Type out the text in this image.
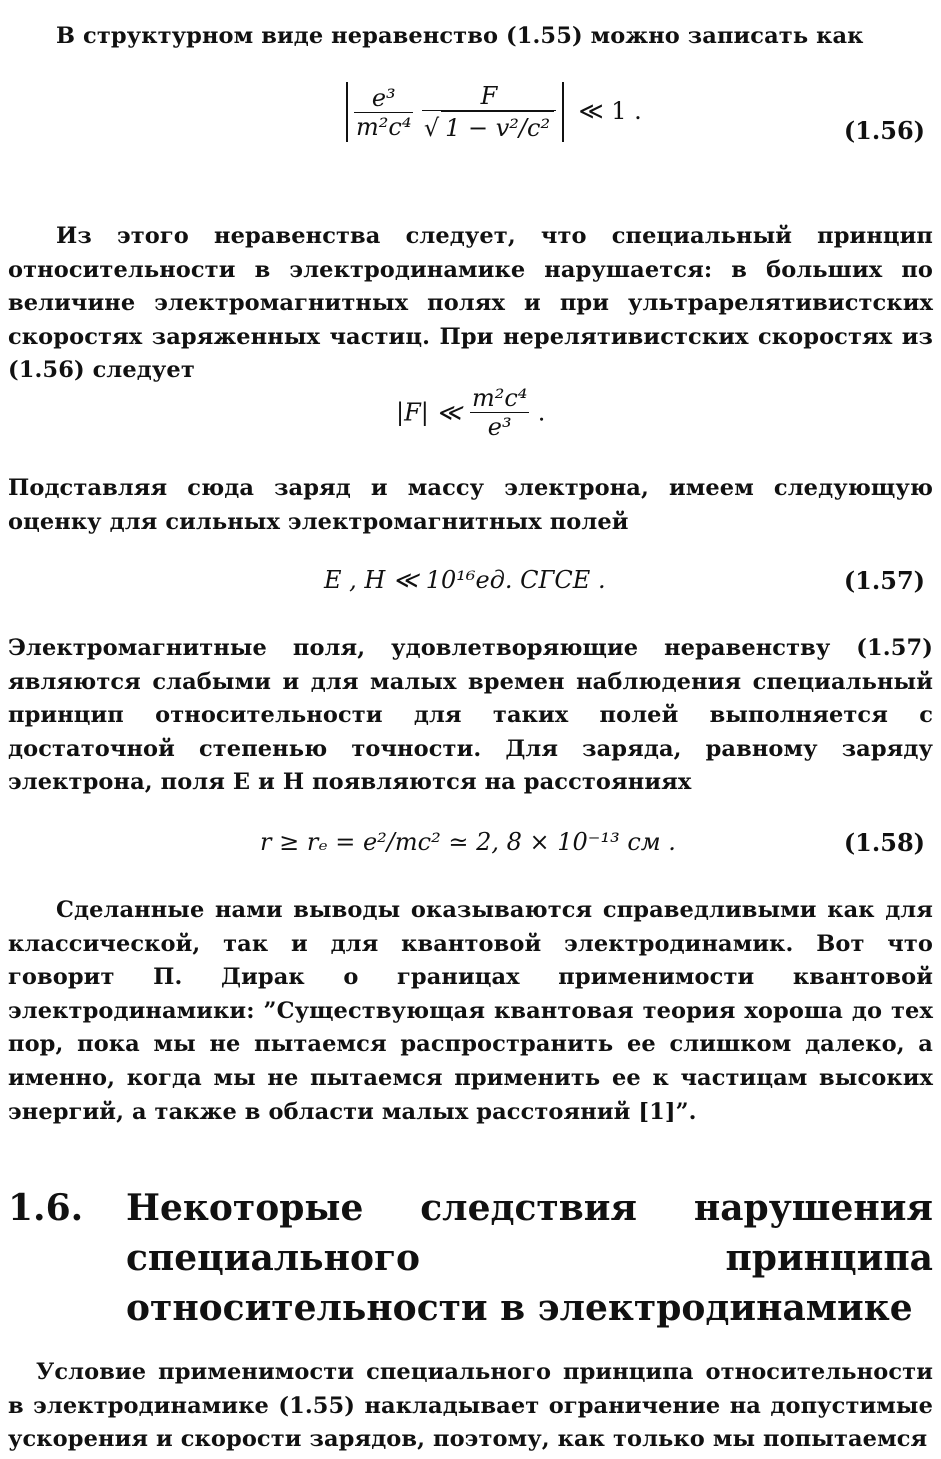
В структурном виде неравенство (1.55) можно записать как
$\frac{\text{e³}}{\text{m²c⁴}}$
$\frac{F}{\text{√ 1 − v²/c²}}$ ≪ 1 .
(1.56)
Из этого неравенства следует, что специальный принцип относительности в электродинамике нарушается: в больших по величине электромагнитных полях и при ультрарелятивистских скоростях заряженных частиц. При нерелятивистских скоростях из (1.56) следует
|F| ≪ $\frac{\text{m²c⁴}}{\text{e³}}$ .
Подставляя сюда заряд и массу электрона, имеем следующую оценку для сильных электромагнитных полей
E , H ≪ 10¹⁶ед. СГСЕ .	(1.57)
Электромагнитные поля, удовлетворяющие неравенству (1.57) являются слабыми и для малых времен наблюдения специальный принцип относительности для таких полей выполняется с достаточной степенью точности. Для заряда, равному заряду электрона, поля E и H появляются на расстояниях
r ≥ rₑ = e²/mc² ≃ 2, 8 × 10⁻¹³ см .	(1.58)
Сделанные нами выводы оказываются справедливыми как для классической, так и для квантовой электродинамик. Вот что говорит П. Дирак о границах применимости квантовой электродинамики: ”Существующая квантовая теория хороша до тех пор, пока мы не пытаемся распространить ее слишком далеко, а именно, когда мы не пытаемся применить ее к частицам высоких энергий, а также в области малых расстояний [1]”.
1.6. Некоторые следствия нарушения специального принципа относительности в электродинамике
Условие применимости специального принципа относительности в электродинамике (1.55) накладывает ограничение на допустимые ускорения и скорости зарядов, поэтому, как только мы попытаемся
